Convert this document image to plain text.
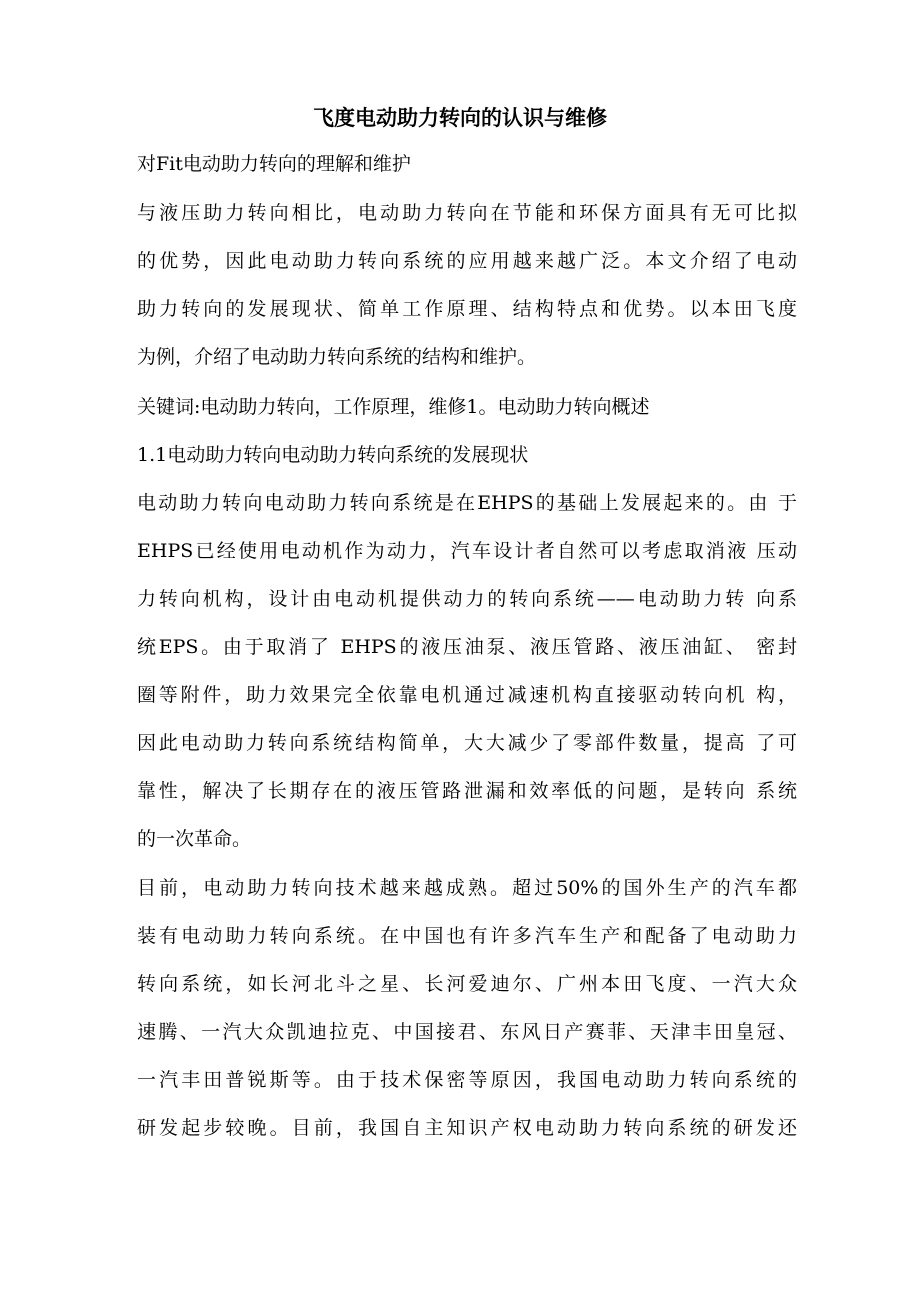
飞度电动助力转向的认识与维修
对Fit电动助力转向的理解和维护
与液压助力转向相比，电动助力转向在节能和环保方面具有无可比拟
的优势，因此电动助力转向系统的应用越来越广泛。本文介绍了电动
助力转向的发展现状、简单工作原理、结构特点和优势。以本田飞度
为例，介绍了电动助力转向系统的结构和维护。
关键词:电动助力转向，工作原理，维修1。电动助力转向概述
1.1电动助力转向电动助力转向系统的发展现状
电动助力转向电动助力转向系统是在EHPS的基础上发展起来的。由 于
EHPS已经使用电动机作为动力，汽车设计者自然可以考虑取消液 压动
力转向机构，设计由电动机提供动力的转向系统——电动助力转 向系
统EPS。由于取消了 EHPS的液压油泵、液压管路、液压油缸、 密封
圈等附件，助力效果完全依靠电机通过减速机构直接驱动转向机 构，
因此电动助力转向系统结构简单，大大减少了零部件数量，提高 了可
靠性，解决了长期存在的液压管路泄漏和效率低的问题，是转向 系统
的一次革命。
目前，电动助力转向技术越来越成熟。超过50%的国外生产的汽车都
装有电动助力转向系统。在中国也有许多汽车生产和配备了电动助力
转向系统，如长河北斗之星、长河爱迪尔、广州本田飞度、一汽大众
速腾、一汽大众凯迪拉克、中国接君、东风日产赛菲、天津丰田皇冠、
一汽丰田普锐斯等。由于技术保密等原因，我国电动助力转向系统的
研发起步较晚。目前，我国自主知识产权电动助力转向系统的研发还
